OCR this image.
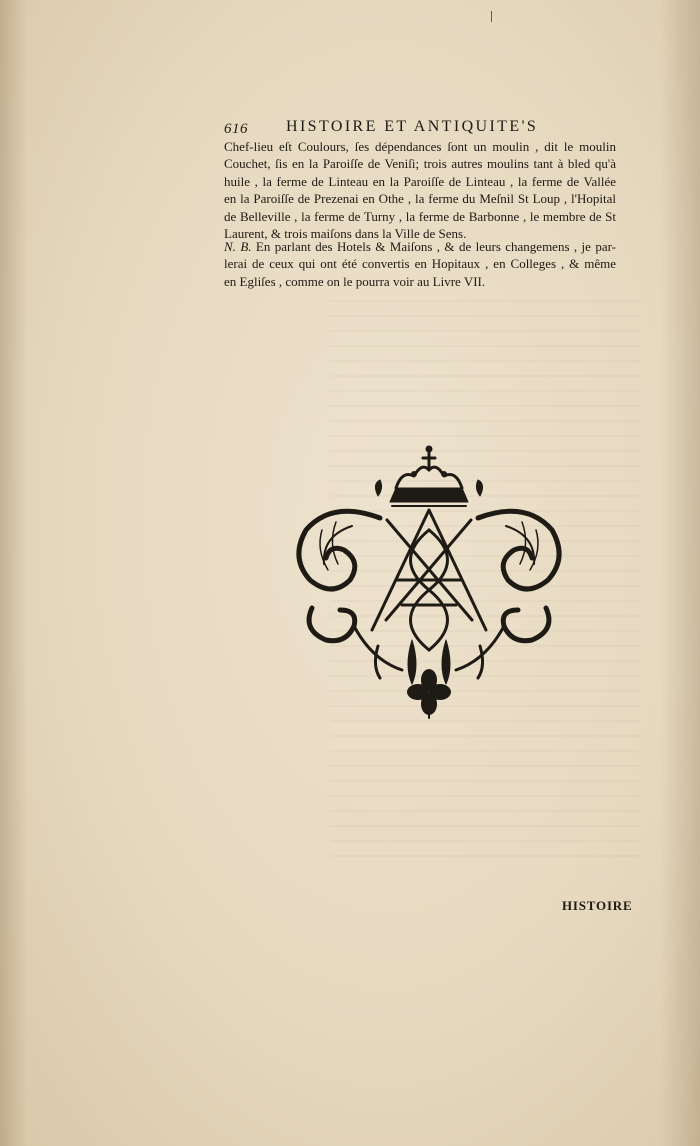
616 HISTOIRE ET ANTIQUITE'S
Chef-lieu eſt Coulours, ſes dépendances ſont un moulin , dit le moulin
Couchet, ſis en la Paroiſſe de Veniſi; trois autres moulins tant à bled qu'à
huile , la ferme de Linteau en la Paroiſſe de Linteau , la ferme de Vallée
en la Paroiſſe de Prezenai en Othe , la ferme du Meſnil St Loup , l'Hopital
de Belleville , la ferme de Turny , la ferme de Barbonne , le membre de St
Laurent, & trois maiſons dans la Ville de Sens.
N. B. En parlant des Hotels & Maiſons , & de leurs changemens , je par-
lerai de ceux qui ont été convertis en Hopitaux , en Colleges , & même
en Egliſes , comme on le pourra voir au Livre VII.
HISTOIRE
